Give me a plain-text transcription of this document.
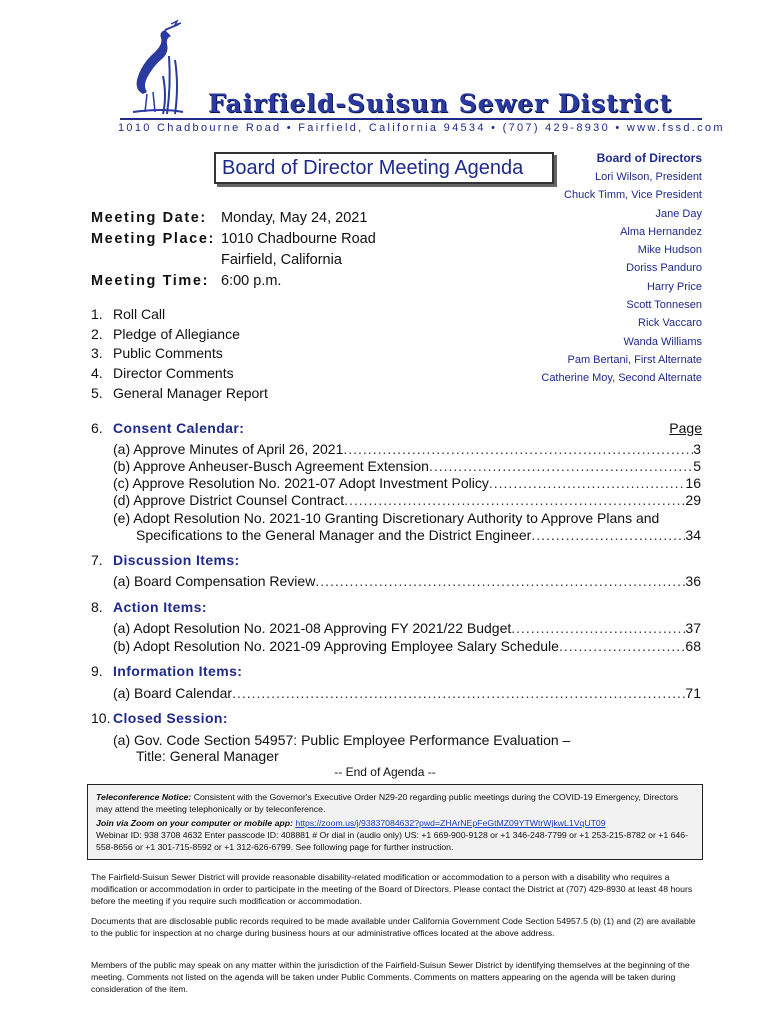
Fairfield-Suisun Sewer District
1010 Chadbourne Road • Fairfield, California 94534 • (707) 429-8930 • www.fssd.com
Board of Director Meeting Agenda	Board of Directors
Lori Wilson, President
Chuck Timm, Vice President
Jane Day
Alma Hernandez
Mike Hudson
Doriss Panduro
Harry Price
Scott Tonnesen
Rick Vaccaro
Wanda Williams
Pam Bertani, First Alternate
Catherine Moy, Second Alternate
Meeting Date: Monday, May 24, 2021
Meeting Place: 1010 Chadbourne Road
Fairfield, California
Meeting Time: 6:00 p.m.
1. Roll Call
2. Pledge of Allegiance
3. Public Comments
4. Director Comments
5. General Manager Report
6. Consent Calendar:	Page
(a) Approve Minutes of April 26, 2021 .....	3
(b) Approve Anheuser-Busch Agreement Extension .....	5
(c) Approve Resolution No. 2021-07 Adopt Investment Policy .....	16
(d) Approve District Counsel Contract .....	29
(e) Adopt Resolution No. 2021-10 Granting Discretionary Authority to Approve Plans and
Specifications to the General Manager and the District Engineer .....	34
7. Discussion Items:
(a) Board Compensation Review .....	36
8. Action Items:
(a) Adopt Resolution No. 2021-08 Approving FY 2021/22 Budget .....	37
(b) Adopt Resolution No. 2021-09 Approving Employee Salary Schedule .....	68
9. Information Items:
(a) Board Calendar .....	71
10. Closed Session:
(a) Gov. Code Section 54957: Public Employee Performance Evaluation –
Title: General Manager
-- End of Agenda --
Teleconference Notice: Consistent with the Governor's Executive Order N29-20 regarding public meetings during the COVID-19 Emergency, Directors may attend the meeting telephonically or by teleconference.
Join via Zoom on your computer or mobile app: https://zoom.us/j/93837084632?pwd=ZHArNEpFeGtMZ09YTWtrWjkwL1VqUT09
Webinar ID: 938 3708 4632 Enter passcode ID: 408881 # Or dial in (audio only) US: +1 669-900-9128 or +1 346-248-7799 or +1 253-215-8782 or +1 646-558-8656 or +1 301-715-8592 or +1 312-626-6799. See following page for further instruction.
The Fairfield-Suisun Sewer District will provide reasonable disability-related modification or accommodation to a person with a disability who requires a modification or accommodation in order to participate in the meeting of the Board of Directors. Please contact the District at (707) 429-8930 at least 48 hours before the meeting if you require such modification or accommodation.
Documents that are disclosable public records required to be made available under California Government Code Section 54957.5 (b) (1) and (2) are available to the public for inspection at no charge during business hours at our administrative offices located at the above address.
Members of the public may speak on any matter within the jurisdiction of the Fairfield-Suisun Sewer District by identifying themselves at the beginning of the meeting. Comments not listed on the agenda will be taken under Public Comments. Comments on matters appearing on the agenda will be taken during consideration of the item.
